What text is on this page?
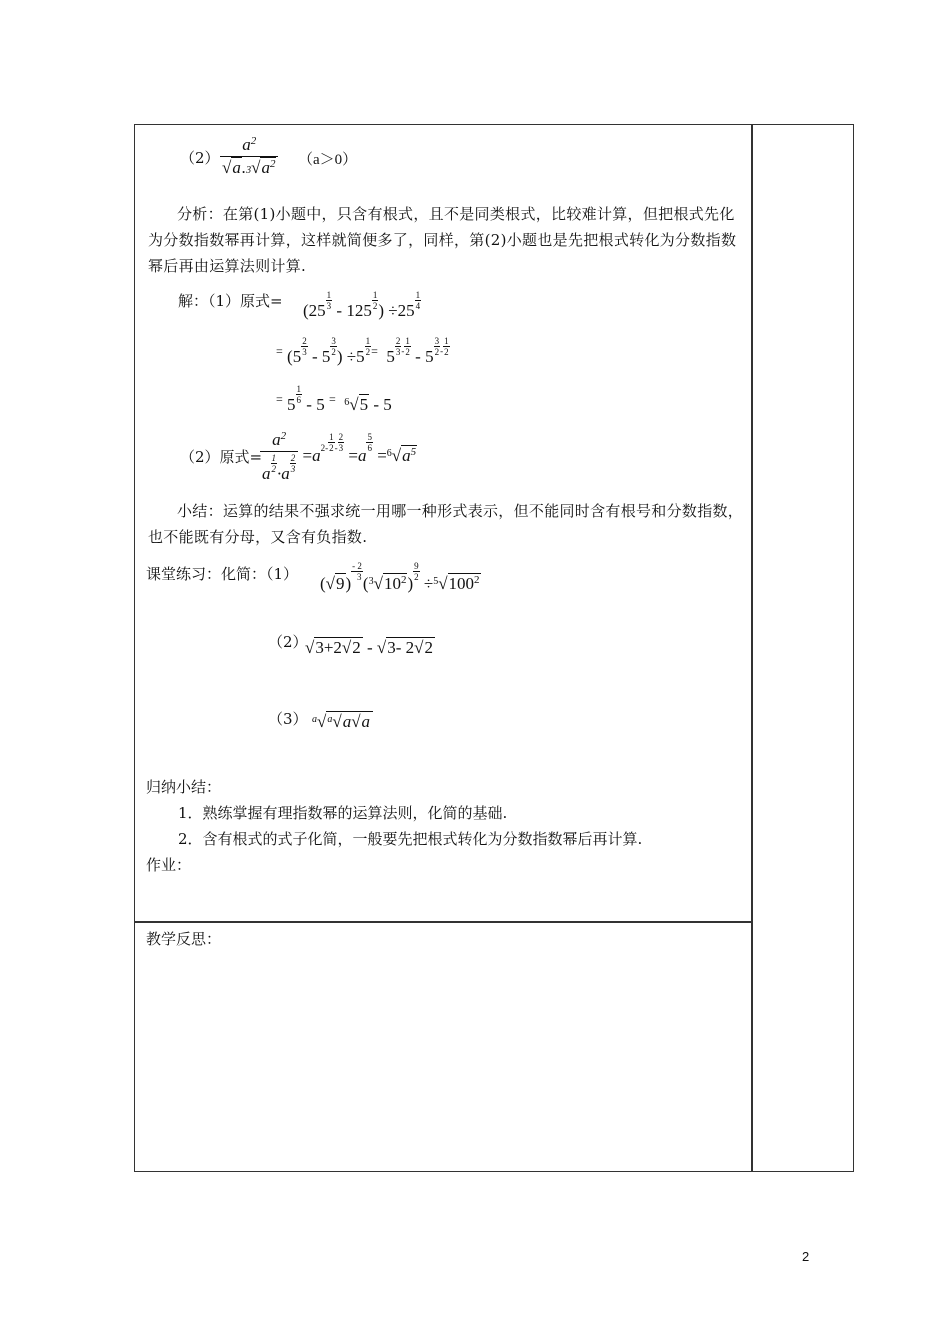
$(2) \frac{a^2}{√a.3√a^2} (a>0)$
分析：在第(1)小题中，只含有根式，且不是同类根式，比较难计算，但把根式先化为分数指数幂再计算，这样就简便多了，同样，第(2)小题也是先把根式转化为分数指数幂后再由运算法则计算.
解：（1）原式=
($25 \frac{1}{3} - 125 \frac{1}{2}$ ) $\div 25 \frac{1}{4}$
= ($5 \frac{2}{3} - 5 \frac{3}{2}$ ) $\div 5 \frac{1}{2} ^=$  $5 \frac{2}{3} - \frac{1}{2} - 5 \frac{3}{2} - \frac{1}{2}$
= $5 \frac{1}{6} - 5$ = $^6$√5 - 5
（2）原式=
$\frac{a^2}{a \frac{1}{2} \cdot a \frac{2}{3}} =a2- \frac{1}{2} - \frac{2}{3}$
=a
$\frac{5}{6}$
$=^6√a^5$
小结：运算的结果不强求统一用哪一种形式表示，但不能同时含有根号和分数指数，也不能既有分母，又含有负指数.
课堂练习：化简：（1） (√9)
$\frac{- 2}{3}$
$(^3√10^2)$
$\frac{9}{2}$
$\div^5√100^2$
（2）
√3+2√2 - √3- 2√2
（3） $^a$√$^a$√a√a
归纳小结：
1．熟练掌握有理指数幂的运算法则，化简的基础.
2．含有根式的式子化简，一般要先把根式转化为分数指数幂后再计算.
作业：
教学反思：
2
